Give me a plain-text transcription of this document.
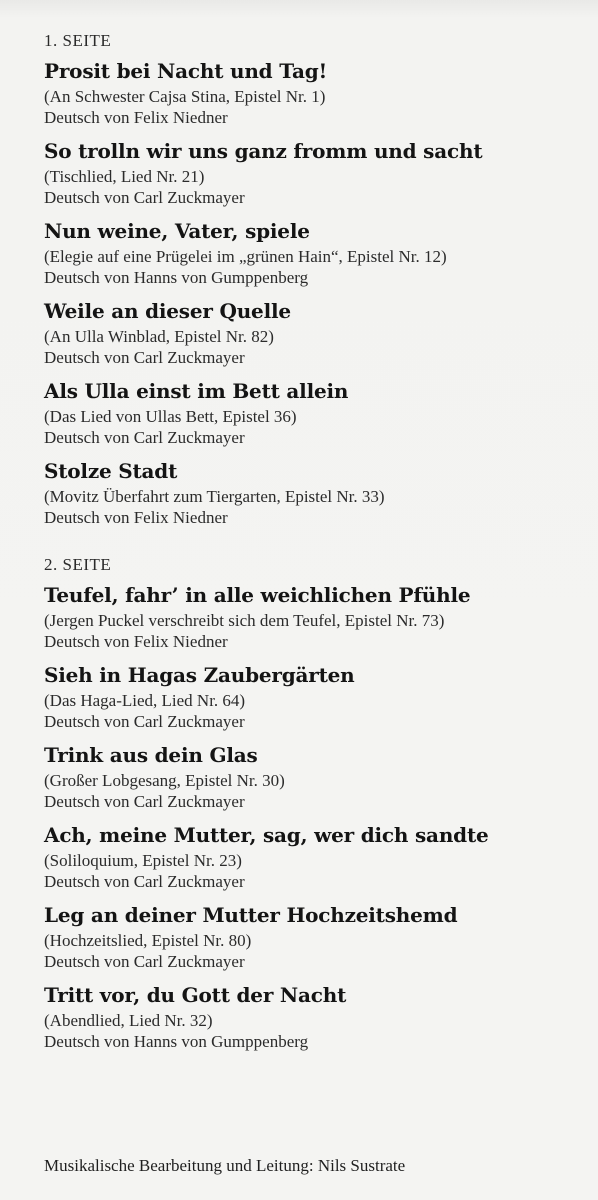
1. SEITE
Prosit bei Nacht und Tag!
(An Schwester Cajsa Stina, Epistel Nr. 1)
Deutsch von Felix Niedner
So trolln wir uns ganz fromm und sacht
(Tischlied, Lied Nr. 21)
Deutsch von Carl Zuckmayer
Nun weine, Vater, spiele
(Elegie auf eine Prügelei im „grünen Hain“, Epistel Nr. 12)
Deutsch von Hanns von Gumppenberg
Weile an dieser Quelle
(An Ulla Winblad, Epistel Nr. 82)
Deutsch von Carl Zuckmayer
Als Ulla einst im Bett allein
(Das Lied von Ullas Bett, Epistel 36)
Deutsch von Carl Zuckmayer
Stolze Stadt
(Movitz Überfahrt zum Tiergarten, Epistel Nr. 33)
Deutsch von Felix Niedner
2. SEITE
Teufel, fahr’ in alle weichlichen Pfühle
(Jergen Puckel verschreibt sich dem Teufel, Epistel Nr. 73)
Deutsch von Felix Niedner
Sieh in Hagas Zaubergärten
(Das Haga-Lied, Lied Nr. 64)
Deutsch von Carl Zuckmayer
Trink aus dein Glas
(Großer Lobgesang, Epistel Nr. 30)
Deutsch von Carl Zuckmayer
Ach, meine Mutter, sag, wer dich sandte
(Soliloquium, Epistel Nr. 23)
Deutsch von Carl Zuckmayer
Leg an deiner Mutter Hochzeitshemd
(Hochzeitslied, Epistel Nr. 80)
Deutsch von Carl Zuckmayer
Tritt vor, du Gott der Nacht
(Abendlied, Lied Nr. 32)
Deutsch von Hanns von Gumppenberg
Musikalische Bearbeitung und Leitung: Nils Sustrate
